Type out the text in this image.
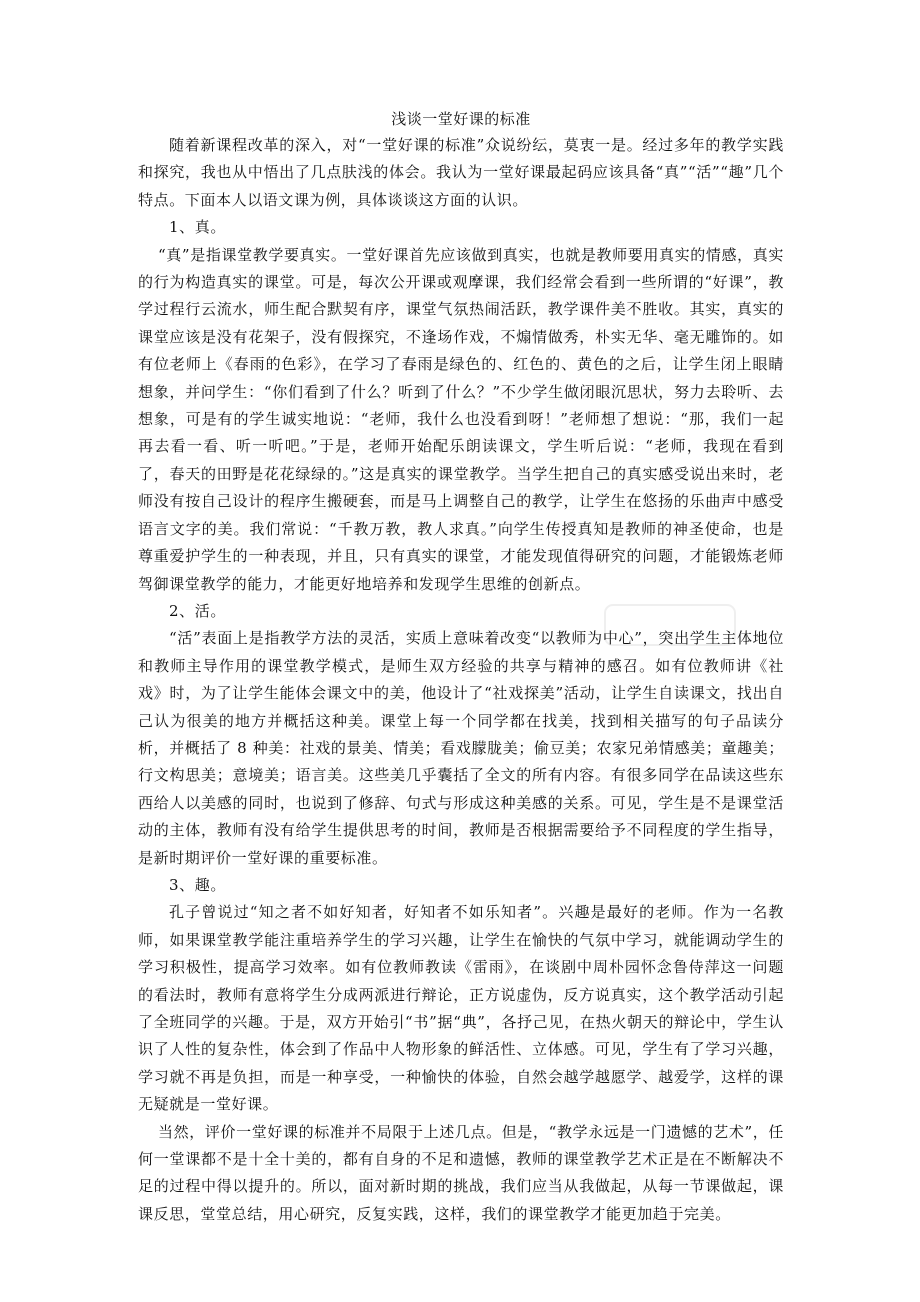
浅谈一堂好课的标准

随着新课程改革的深入，对“一堂好课的标准”众说纷纭，莫衷一是。经过多年的教学实践和探究，我也从中悟出了几点肤浅的体会。我认为一堂好课最起码应该具备“真”“活”“趣”几个特点。下面本人以语文课为例，具体谈谈这方面的认识。

1、真。

“真”是指课堂教学要真实。一堂好课首先应该做到真实，也就是教师要用真实的情感，真实的行为构造真实的课堂。可是，每次公开课或观摩课，我们经常会看到一些所谓的“好课”，教学过程行云流水，师生配合默契有序，课堂气氛热闹活跃，教学课件美不胜收。其实，真实的课堂应该是没有花架子，没有假探究，不逢场作戏，不煽情做秀，朴实无华、毫无雕饰的。如有位老师上《春雨的色彩》，在学习了春雨是绿色的、红色的、黄色的之后，让学生闭上眼睛想象，并问学生：“你们看到了什么？听到了什么？”不少学生做闭眼沉思状，努力去聆听、去想象，可是有的学生诚实地说：“老师，我什么也没看到呀！”老师想了想说：“那，我们一起再去看一看、听一听吧。”于是，老师开始配乐朗读课文，学生听后说：“老师，我现在看到了，春天的田野是花花绿绿的。”这是真实的课堂教学。当学生把自己的真实感受说出来时，老师没有按自己设计的程序生搬硬套，而是马上调整自己的教学，让学生在悠扬的乐曲声中感受语言文字的美。我们常说：“千教万教，教人求真。”向学生传授真知是教师的神圣使命，也是尊重爱护学生的一种表现，并且，只有真实的课堂，才能发现值得研究的问题，才能锻炼老师驾御课堂教学的能力，才能更好地培养和发现学生思维的创新点。

2、活。

“活”表面上是指教学方法的灵活，实质上意味着改变“以教师为中心”，突出学生主体地位和教师主导作用的课堂教学模式，是师生双方经验的共享与精神的感召。如有位教师讲《社戏》时，为了让学生能体会课文中的美，他设计了“社戏探美”活动，让学生自读课文，找出自己认为很美的地方并概括这种美。课堂上每一个同学都在找美，找到相关描写的句子品读分析，并概括了 8 种美：社戏的景美、情美；看戏朦胧美；偷豆美；农家兄弟情感美；童趣美；行文构思美；意境美；语言美。这些美几乎囊括了全文的所有内容。有很多同学在品读这些东西给人以美感的同时，也说到了修辞、句式与形成这种美感的关系。可见，学生是不是课堂活动的主体，教师有没有给学生提供思考的时间，教师是否根据需要给予不同程度的学生指导，是新时期评价一堂好课的重要标准。

3、趣。

孔子曾说过“知之者不如好知者，好知者不如乐知者”。兴趣是最好的老师。作为一名教师，如果课堂教学能注重培养学生的学习兴趣，让学生在愉快的气氛中学习，就能调动学生的学习积极性，提高学习效率。如有位教师教读《雷雨》，在谈剧中周朴园怀念鲁侍萍这一问题的看法时，教师有意将学生分成两派进行辩论，正方说虚伪，反方说真实，这个教学活动引起了全班同学的兴趣。于是，双方开始引“书”据“典”，各抒己见，在热火朝天的辩论中，学生认识了人性的复杂性，体会到了作品中人物形象的鲜活性、立体感。可见，学生有了学习兴趣，学习就不再是负担，而是一种享受，一种愉快的体验，自然会越学越愿学、越爱学，这样的课无疑就是一堂好课。

当然，评价一堂好课的标准并不局限于上述几点。但是，“教学永远是一门遗憾的艺术”，任何一堂课都不是十全十美的，都有自身的不足和遗憾，教师的课堂教学艺术正是在不断解决不足的过程中得以提升的。所以，面对新时期的挑战，我们应当从我做起，从每一节课做起，课课反思，堂堂总结，用心研究，反复实践，这样，我们的课堂教学才能更加趋于完美。
